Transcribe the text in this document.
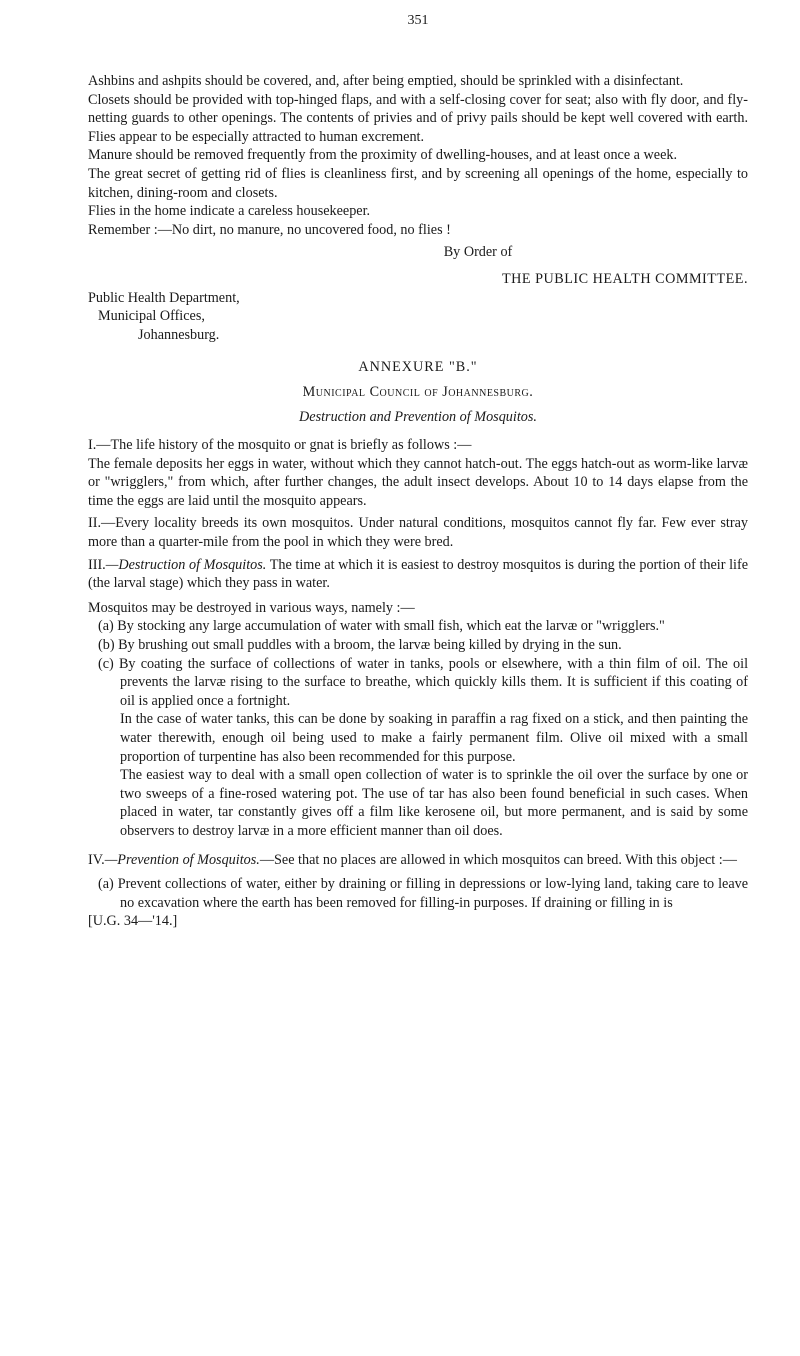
351

Ashbins and ashpits should be covered, and, after being emptied, should be sprinkled with a disinfectant.

Closets should be provided with top-hinged flaps, and with a self-closing cover for seat; also with fly door, and fly-netting guards to other openings. The contents of privies and of privy pails should be kept well covered with earth. Flies appear to be especially attracted to human excrement.

Manure should be removed frequently from the proximity of dwelling-houses, and at least once a week.

The great secret of getting rid of flies is cleanliness first, and by screening all openings of the home, especially to kitchen, dining-room and closets.

Flies in the home indicate a careless housekeeper.

Remember :—No dirt, no manure, no uncovered food, no flies !

By Order of

THE PUBLIC HEALTH COMMITTEE.

Public Health Department,

Municipal Offices,

Johannesburg.

ANNEXURE "B."

Municipal Council of Johannesburg.

Destruction and Prevention of Mosquitos.

I.—The life history of the mosquito or gnat is briefly as follows :—

The female deposits her eggs in water, without which they cannot hatch-out. The eggs hatch-out as worm-like larvæ or "wrigglers," from which, after further changes, the adult insect develops. About 10 to 14 days elapse from the time the eggs are laid until the mosquito appears.

II.—Every locality breeds its own mosquitos. Under natural conditions, mosquitos cannot fly far. Few ever stray more than a quarter-mile from the pool in which they were bred.

III.—Destruction of Mosquitos. The time at which it is easiest to destroy mosquitos is during the portion of their life (the larval stage) which they pass in water.

Mosquitos may be destroyed in various ways, namely :—

(a) By stocking any large accumulation of water with small fish, which eat the larvæ or "wrigglers."

(b) By brushing out small puddles with a broom, the larvæ being killed by drying in the sun.

(c) By coating the surface of collections of water in tanks, pools or elsewhere, with a thin film of oil. The oil prevents the larvæ rising to the surface to breathe, which quickly kills them. It is sufficient if this coating of oil is applied once a fortnight.

In the case of water tanks, this can be done by soaking in paraffin a rag fixed on a stick, and then painting the water therewith, enough oil being used to make a fairly permanent film. Olive oil mixed with a small proportion of turpentine has also been recommended for this purpose.

The easiest way to deal with a small open collection of water is to sprinkle the oil over the surface by one or two sweeps of a fine-rosed watering pot. The use of tar has also been found beneficial in such cases. When placed in water, tar constantly gives off a film like kerosene oil, but more permanent, and is said by some observers to destroy larvæ in a more efficient manner than oil does.

IV.—Prevention of Mosquitos.—See that no places are allowed in which mosquitos can breed. With this object :—

(a) Prevent collections of water, either by draining or filling in depressions or low-lying land, taking care to leave no excavation where the earth has been removed for filling-in purposes. If draining or filling in is

[U.G. 34—'14.]
